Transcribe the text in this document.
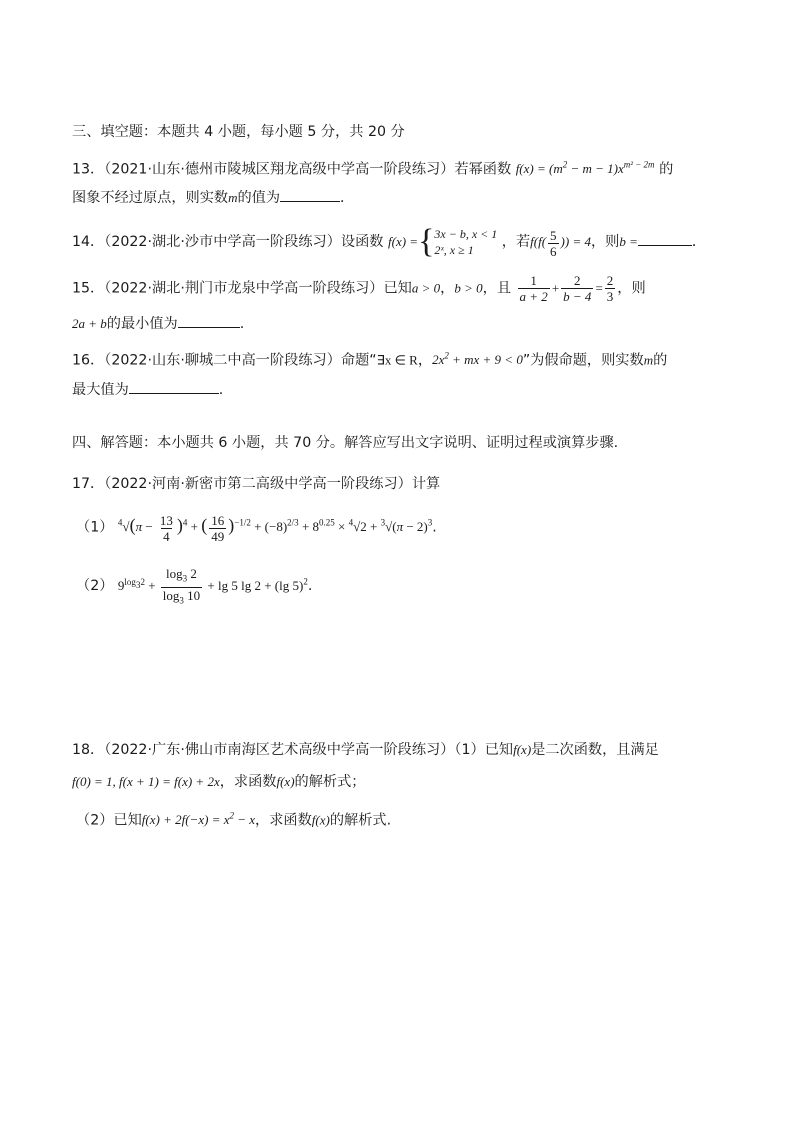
三、填空题：本题共 4 小题，每小题 5 分，共 20 分
13．（2021·山东·德州市陵城区翔龙高级中学高一阶段练习）若幂函数 $f(x) = (m^2 - m - 1)x^{m^2 - 2m}$ 的
图象不经过原点，则实数m的值为	．
14．（2022·湖北·沙市中学高一阶段练习）设函数 f(x) ={ 3x − b, x < 1
2ˣ, x ≥ 1	，若$f(f( \frac{5}{6}$ )) = 4，则b =	．
15．（2022·湖北·荆门市龙泉中学高一阶段练习）已知a > 0，b > 0，且 $\frac{1}{a + 2} + \frac{2}{b - 4} = \frac{2}{3}$ ，则
2a + b的最小值为	.
16．（2022·山东·聊城二中高一阶段练习）命题“∃x ∈ R，$2x^2$ + mx + 9 < 0”为假命题，则实数m的
最大值为	.
四、解答题：本小题共 6 小题，共 70 分。解答应写出文字说明、证明过程或演算步骤.
17．（2022·河南·新密市第二高级中学高一阶段练习）计算
（1） $^4√(\pi - \frac{13}{4} )^4$ + ( $\frac{16}{49} )^{-1/2} + (-8)^{2/3} + 8^{0.25} \times ^4√2 + ^3√(\pi - 2)^3$.
（2） $9^{log_32} + \frac{\log_3 2}{\log_3 10} + \lg 5$ lg 2 + (lg 5)$^2$.
18．（2022·广东·佛山市南海区艺术高级中学高一阶段练习）（1）已知f(x)是二次函数，且满足
f(0) = 1, f(x + 1) = f(x) + 2x，求函数f(x)的解析式；
（2）已知$f(x) + 2f(-x) = x^2 - x$，求函数f(x)的解析式.
